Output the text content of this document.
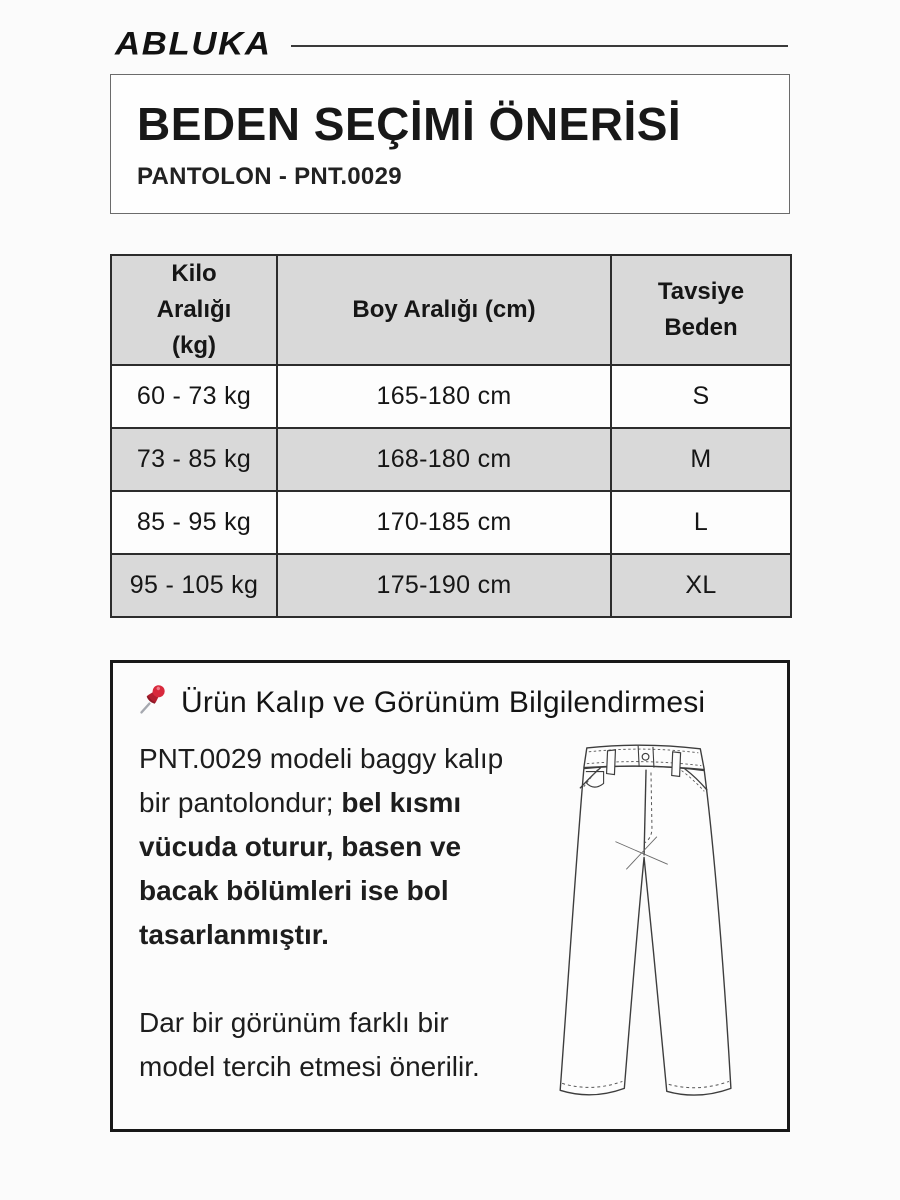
ABLUKA
BEDEN SEÇİMİ ÖNERİSİ
PANTOLON - PNT.0029
Kilo Aralığı (kg)	Boy Aralığı (cm)	Tavsiye Beden
60 - 73 kg	165-180 cm	S
73 - 85 kg	168-180 cm	M
85 - 95 kg	170-185 cm	L
95 - 105 kg	175-190 cm	XL
Ürün Kalıp ve Görünüm Bilgilendirmesi

PNT.0029 modeli baggy kalıp bir pantolondur; bel kısmı vücuda oturur, basen ve bacak bölümleri ise bol  tasarlanmıştır.

Dar bir görünüm farklı bir model tercih etmesi önerilir.
